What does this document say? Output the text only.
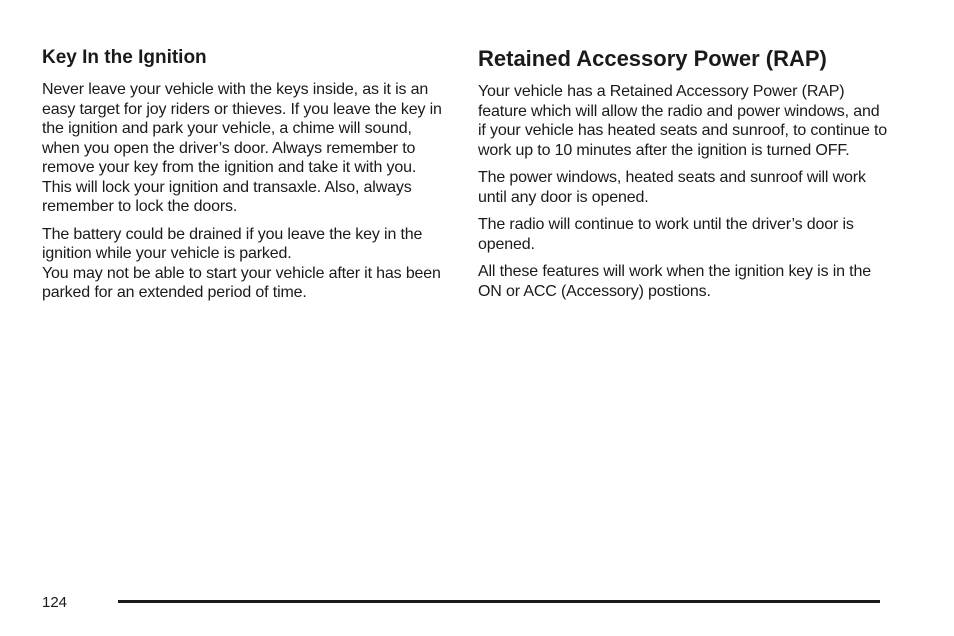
Key In the Ignition

Never leave your vehicle with the keys inside, as it is an easy target for joy riders or thieves. If you leave the key in the ignition and park your vehicle, a chime will sound, when you open the driver’s door. Always remember to remove your key from the ignition and take it with you. This will lock your ignition and transaxle. Also, always remember to lock the doors.

The battery could be drained if you leave the key in the ignition while your vehicle is parked.

You may not be able to start your vehicle after it has been parked for an extended period of time.

Retained Accessory Power (RAP)

Your vehicle has a Retained Accessory Power (RAP) feature which will allow the radio and power windows, and if your vehicle has heated seats and sunroof, to continue to work up to 10 minutes after the ignition is turned OFF.

The power windows, heated seats and sunroof will work until any door is opened.

The radio will continue to work until the driver’s door is opened.

All these features will work when the ignition key is in the ON or ACC (Accessory) postions.

124
